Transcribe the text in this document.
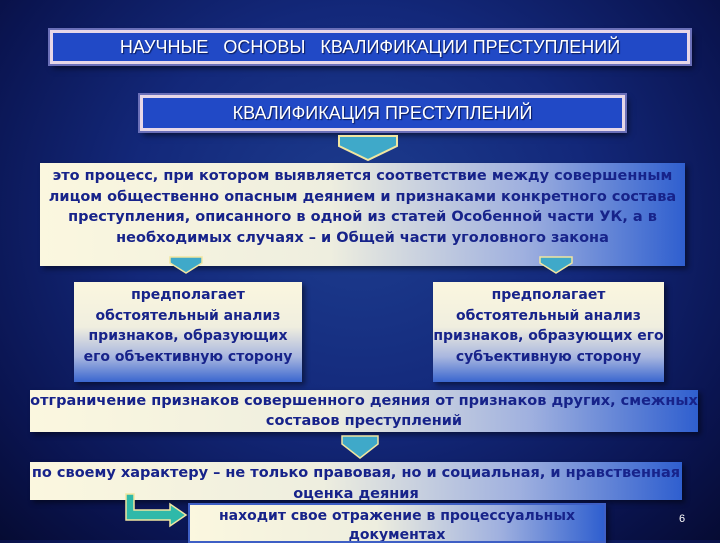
НАУЧНЫЕ   ОСНОВЫ   КВАЛИФИКАЦИИ ПРЕСТУПЛЕНИЙ
КВАЛИФИКАЦИЯ ПРЕСТУПЛЕНИЙ
это процесс, при котором выявляется соответствие между совершенным лицом общественно опасным деянием и признаками конкретного состава преступления, описанного в одной из статей Особенной части УК, а в необходимых случаях – и Общей части уголовного закона
предполагает обстоятельный анализ признаков, образующих его объективную сторону
предполагает обстоятельный анализ признаков, образующих его субъективную сторону
отграничение признаков совершенного деяния от признаков других, смежных составов преступлений
по своему характеру – не только правовая, но и социальная, и нравственная оценка деяния
находит свое отражение в процессуальных документах
6
